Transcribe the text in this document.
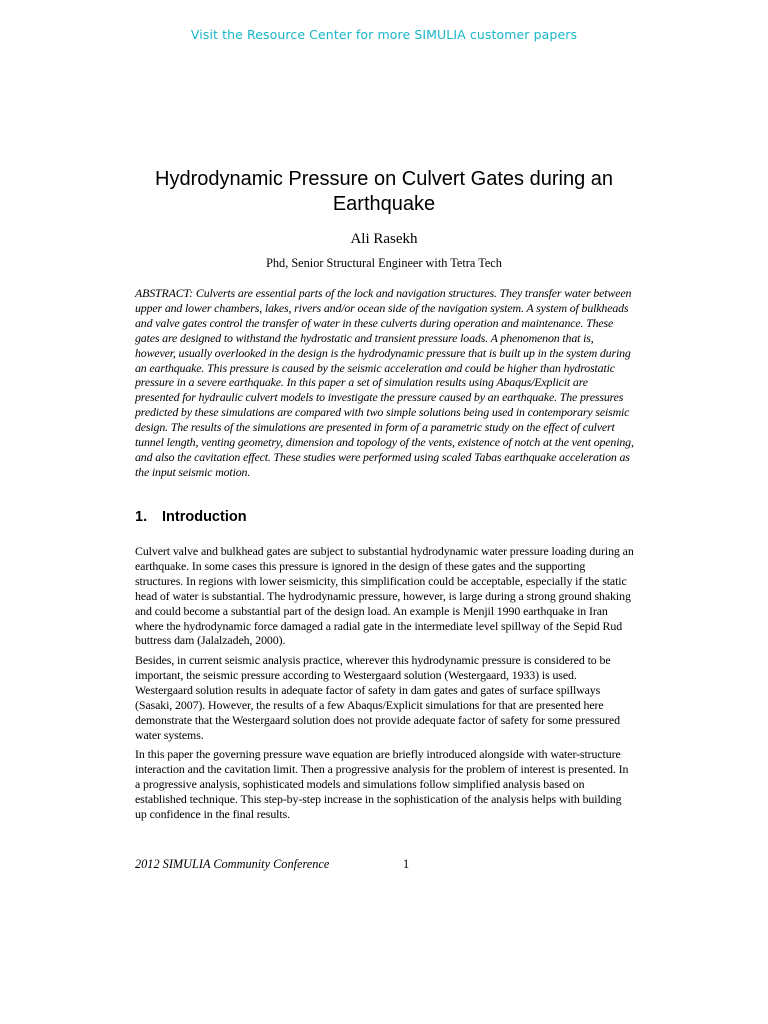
Visit the Resource Center for more SIMULIA customer papers
Hydrodynamic Pressure on Culvert Gates during an Earthquake
Ali Rasekh
Phd, Senior Structural Engineer with Tetra Tech

ABSTRACT: Culverts are essential parts of the lock and navigation structures. They transfer water between upper and lower chambers, lakes, rivers and/or ocean side of the navigation system. A system of bulkheads and valve gates control the transfer of water in these culverts during operation and maintenance. These gates are designed to withstand the hydrostatic and transient pressure loads. A phenomenon that is, however, usually overlooked in the design is the hydrodynamic pressure that is built up in the system during an earthquake. This pressure is caused by the seismic acceleration and could be higher than hydrostatic pressure in a severe earthquake. In this paper a set of simulation results using Abaqus/Explicit are presented for hydraulic culvert models to investigate the pressure caused by an earthquake. The pressures predicted by these simulations are compared with two simple solutions being used in contemporary seismic design. The results of the simulations are presented in form of a parametric study on the effect of culvert tunnel length, venting geometry, dimension and topology of the vents, existence of notch at the vent opening, and also the cavitation effect. These studies were performed using scaled Tabas earthquake acceleration as the input seismic motion.

1. Introduction

Culvert valve and bulkhead gates are subject to substantial hydrodynamic water pressure loading during an earthquake. In some cases this pressure is ignored in the design of these gates and the supporting structures. In regions with lower seismicity, this simplification could be acceptable, especially if the static head of water is substantial. The hydrodynamic pressure, however, is large during a strong ground shaking and could become a substantial part of the design load. An example is Menjil 1990 earthquake in Iran where the hydrodynamic force damaged a radial gate in the intermediate level spillway of the Sepid Rud buttress dam (Jalalzadeh, 2000).

Besides, in current seismic analysis practice, wherever this hydrodynamic pressure is considered to be important, the seismic pressure according to Westergaard solution (Westergaard, 1933) is used. Westergaard solution results in adequate factor of safety in dam gates and gates of surface spillways (Sasaki, 2007). However, the results of a few Abaqus/Explicit simulations for that are presented here demonstrate that the Westergaard solution does not provide adequate factor of safety for some pressured water systems.

In this paper the governing pressure wave equation are briefly introduced alongside with water-structure interaction and the cavitation limit. Then a progressive analysis for the problem of interest is presented. In a progressive analysis, sophisticated models and simulations follow simplified analysis based on established technique. This step-by-step increase in the sophistication of the analysis helps with building up confidence in the final results.

2012 SIMULIA Community Conference	1
